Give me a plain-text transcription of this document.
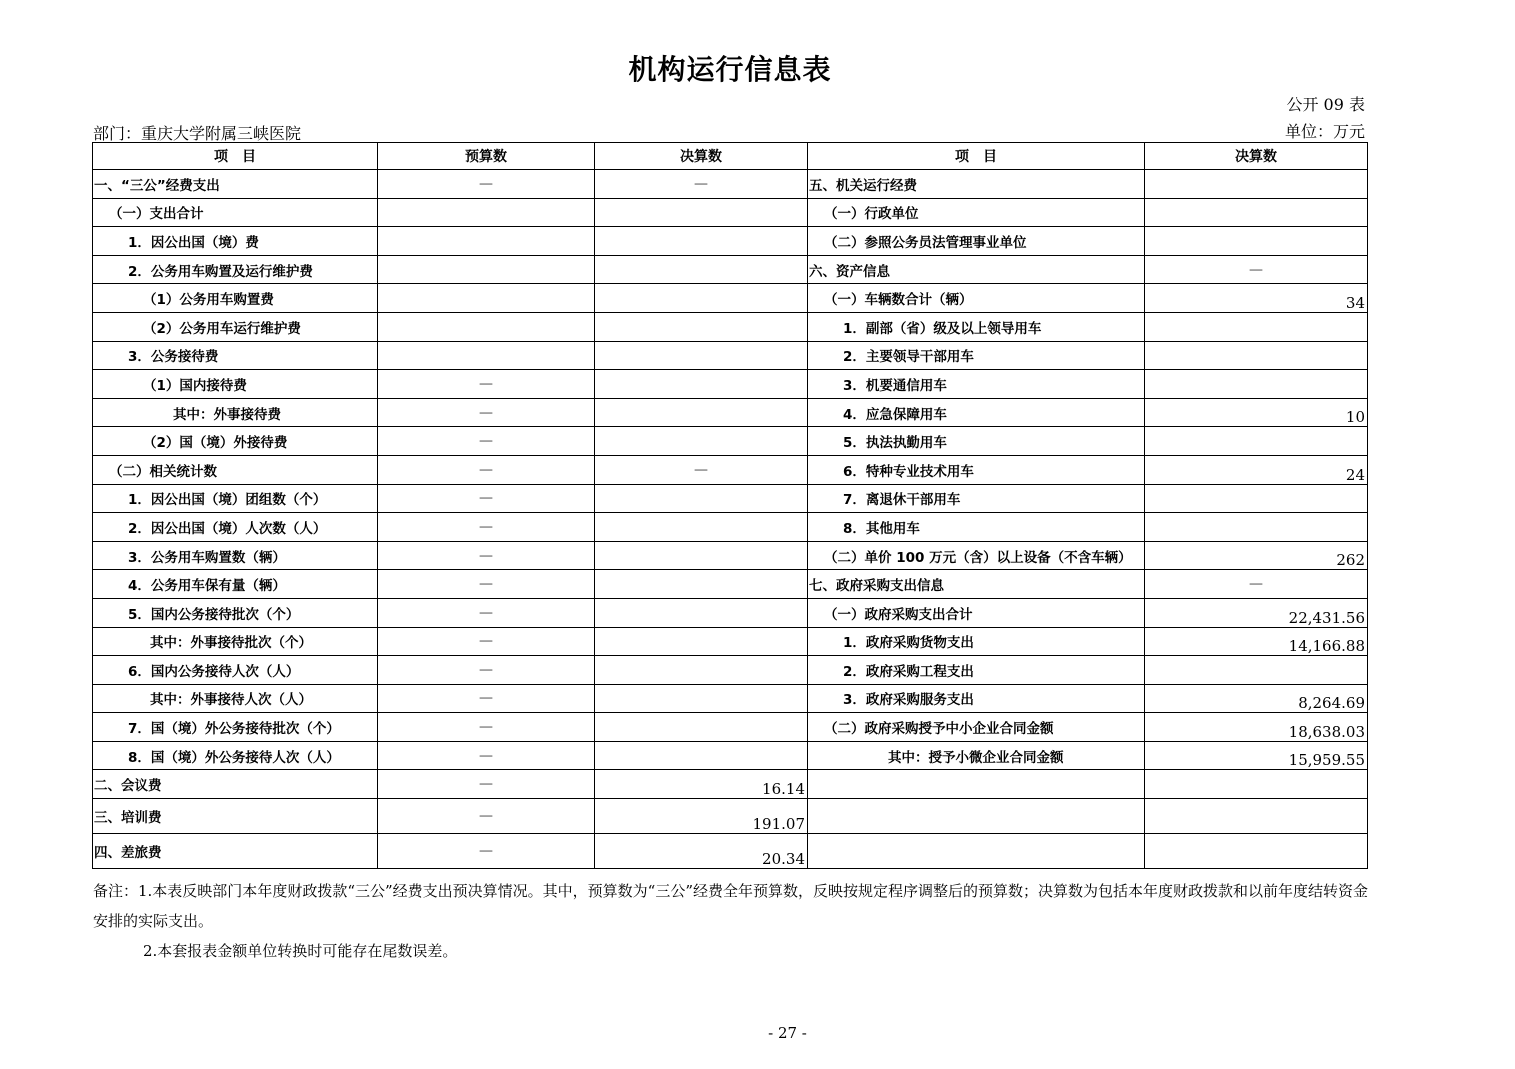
机构运行信息表
公开 09 表
部门：重庆大学附属三峡医院	单位：万元
项　目	预算数	决算数	项　目	决算数
一、“三公”经费支出	—	—	五、机关运行经费	
（一）支出合计			（一）行政单位	
1．因公出国（境）费			（二）参照公务员法管理事业单位	
2．公务用车购置及运行维护费			六、资产信息	—
（1）公务用车购置费			（一）车辆数合计（辆）	34
（2）公务用车运行维护费			1．副部（省）级及以上领导用车	
3．公务接待费			2．主要领导干部用车	
（1）国内接待费	—		3．机要通信用车	
其中：外事接待费	—		4．应急保障用车	10
（2）国（境）外接待费	—		5．执法执勤用车	
（二）相关统计数	—	—	6．特种专业技术用车	24
1．因公出国（境）团组数（个）	—		7．离退休干部用车	
2．因公出国（境）人次数（人）	—		8．其他用车	
3．公务用车购置数（辆）	—		（二）单价 100 万元（含）以上设备（不含车辆）	262
4．公务用车保有量（辆）	—		七、政府采购支出信息	—
5．国内公务接待批次（个）	—		（一）政府采购支出合计	22,431.56
其中：外事接待批次（个）	—		1．政府采购货物支出	14,166.88
6．国内公务接待人次（人）	—		2．政府采购工程支出	
其中：外事接待人次（人）	—		3．政府采购服务支出	8,264.69
7．国（境）外公务接待批次（个）	—		（二）政府采购授予中小企业合同金额	18,638.03
8．国（境）外公务接待人次（人）	—		其中：授予小微企业合同金额	15,959.55
二、会议费	—	16.14		
三、培训费	—	191.07		
四、差旅费	—	20.34		

备注：1.本表反映部门本年度财政拨款“三公”经费支出预决算情况。其中，预算数为“三公”经费全年预算数，反映按规定程序调整后的预算数；决算数为包括本年度财政拨款和以前年度结转资金

安排的实际支出。

2.本套报表金额单位转换时可能存在尾数误差。

- 27 -
